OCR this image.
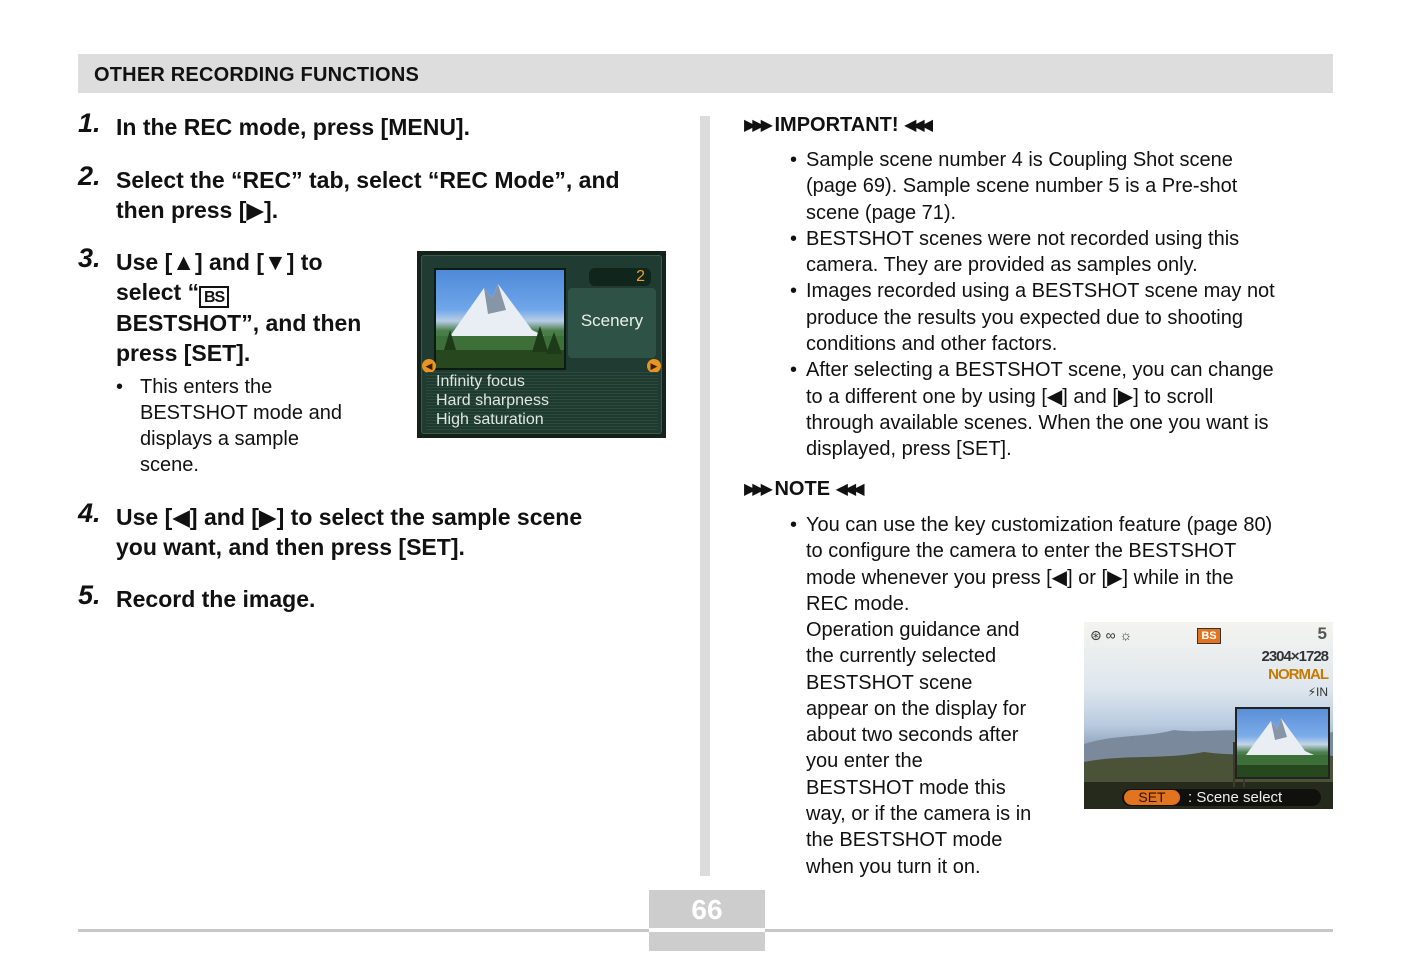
OTHER RECORDING FUNCTIONS
1. In the REC mode, press [MENU].
2. Select the “REC” tab, select “REC Mode”, and
then press [▶].
3. Use [▲] and [▼] to
select “ BS
BESTSHOT”, and then
press [SET].
• This enters the
BESTSHOT mode and
displays a sample
scene.
2
Scenery
◀	▶
Infinity focus
Hard sharpness
High saturation
4. Use [◀] and [▶] to select the sample scene
you want, and then press [SET].
5. Record the image.
▶▶▶ IMPORTANT! ◀◀◀
• Sample scene number 4 is Coupling Shot scene
(page 69). Sample scene number 5 is a Pre-shot
scene (page 71).
• BESTSHOT scenes were not recorded using this
camera. They are provided as samples only.
• Images recorded using a BESTSHOT scene may not
produce the results you expected due to shooting
conditions and other factors.
• After selecting a BESTSHOT scene, you can change
to a different one by using [◀] and [▶] to scroll
through available scenes. When the one you want is
displayed, press [SET].
▶▶▶ NOTE ◀◀◀
• You can use the key customization feature (page 80)
to configure the camera to enter the BESTSHOT
mode whenever you press [◀] or [▶] while in the
REC mode.
Operation guidance and
the currently selected
BESTSHOT scene
appear on the display for
about two seconds after
you enter the
BESTSHOT mode this
way, or if the camera is in
the BESTSHOT mode
when you turn it on.
⊛ ∞ ☼	BS	5
2304×1728
NORMAL
⚡IN
SET	: Scene select
66
